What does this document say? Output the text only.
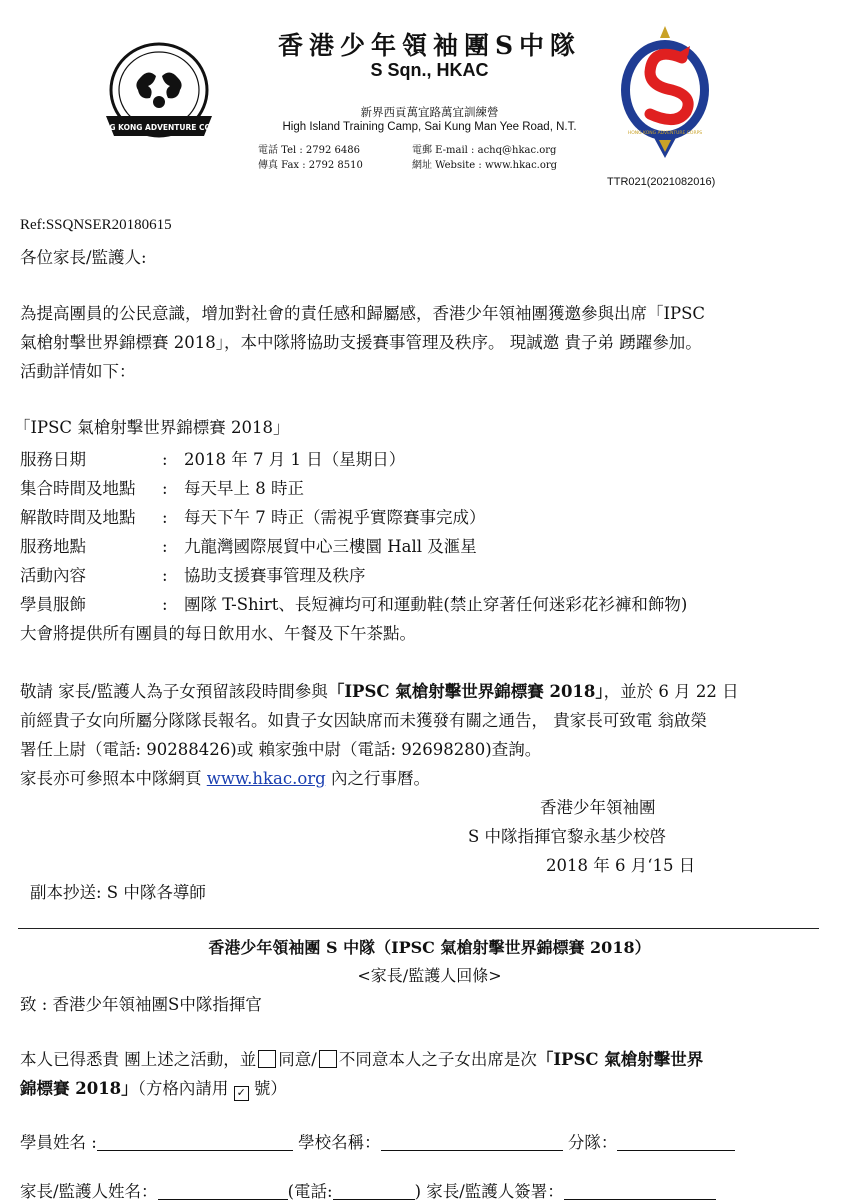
HONG KONG ADVENTURE CORPS
香港少年領袖團S中隊
S Sqn., HKAC
新界西貢萬宜路萬宜訓練營
High Island Training Camp, Sai Kung Man Yee Road, N.T.
電話 Tel : 2792 6486
傳真 Fax : 2792 8510
電郵 E-mail : achq@hkac.org
網址 Website : www.hkac.org
HONG KONG ADVENTURE CORPS
TTR021(2021082016)
Ref:SSQNSER20180615
各位家長/監護人:
為提高團員的公民意識，增加對社會的責任感和歸屬感，香港少年領袖團獲邀參與出席「IPSC
氣槍射擊世界錦標賽 2018」，本中隊將協助支援賽事管理及秩序。 現誠邀 貴子弟 踴躍參加。
活動詳情如下：
「IPSC 氣槍射擊世界錦標賽 2018」
服務日期	: 2018 年 7 月 1 日（星期日）
集合時間及地點 : 每天早上 8 時正
解散時間及地點 : 每天下午 7 時正（需視乎實際賽事完成）
服務地點	: 九龍灣國際展貿中心三樓圜 Hall 及滙星
活動內容	: 協助支援賽事管理及秩序
學員服飾	: 團隊 T-Shirt、長短褲均可和運動鞋(禁止穿著任何迷彩花衫褲和飾物)
大會將提供所有團員的每日飲用水、午餐及下午茶點。
敬請 家長/監護人為子女預留該段時間參與「IPSC 氣槍射擊世界錦標賽 2018」，並於 6 月 22 日
前經貴子女向所屬分隊隊長報名。如貴子女因缺席而未獲發有關之通告， 貴家長可致電 翁啟榮
署任上尉（電話: 90288426)或 賴家強中尉（電話: 92698280)查詢。
家長亦可參照本中隊網頁 www.hkac.org 內之行事曆。
香港少年領袖團
S 中隊指揮官黎永基少校啓
2018 年 6 月‘15 日
副本抄送: S 中隊各導師
香港少年領袖團 S 中隊（IPSC 氣槍射擊世界錦標賽 2018）
<家長/監護人回條>
致 : 香港少年領袖團S中隊指揮官
本人已得悉貴 團上述之活動，並 同意/ 不同意本人之子女出席是次「IPSC 氣槍射擊世界
錦標賽 2018」（方格內請用 ✓ 號）
學員姓名 :	學校名稱：	分隊：
家長/監護人姓名：	(電話:	) 家長/監護人簽署：
